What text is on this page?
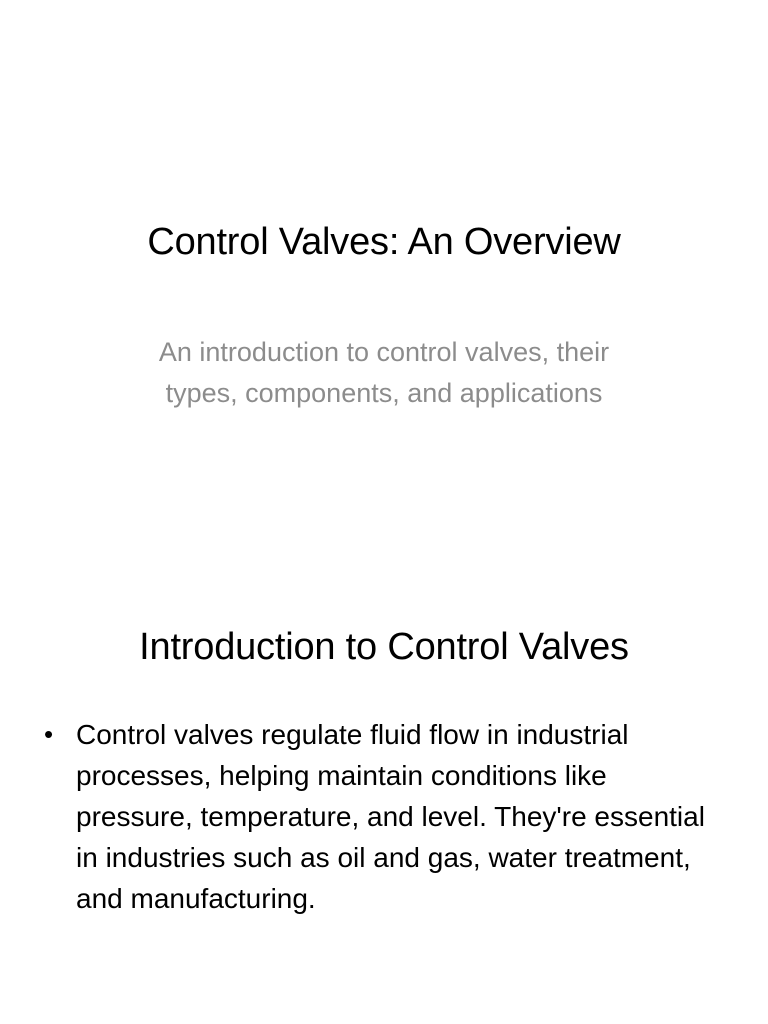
Control Valves: An Overview

An introduction to control valves, their types, components, and applications

Introduction to Control Valves
• Control valves regulate fluid flow in industrial processes, helping maintain conditions like pressure, temperature, and level. They're essential in industries such as oil and gas, water treatment, and manufacturing.
